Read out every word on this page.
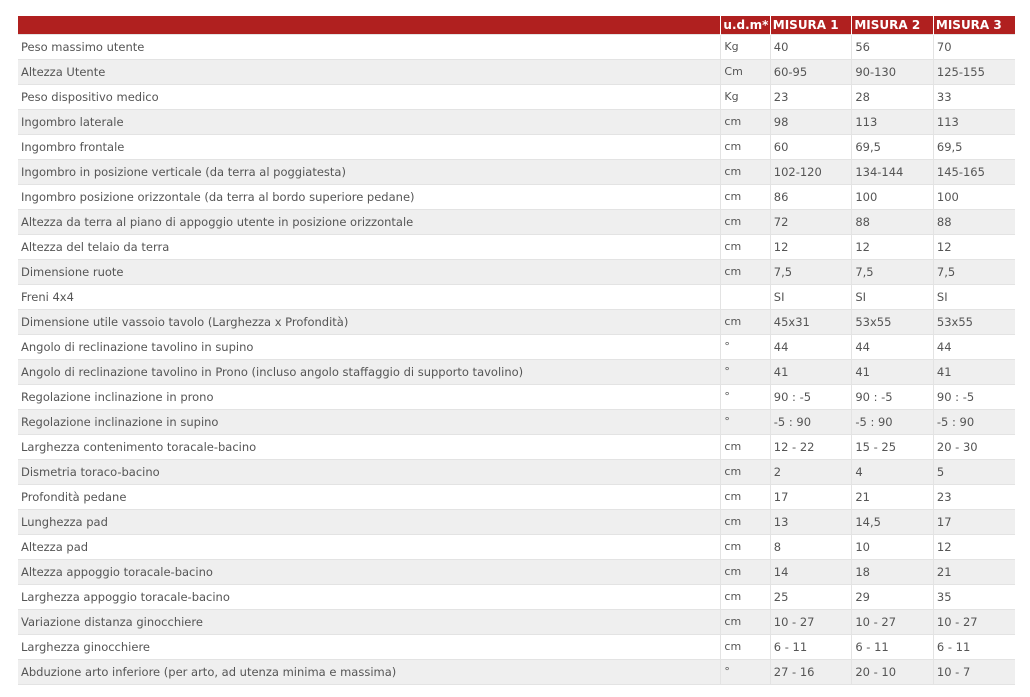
	u.d.m*	MISURA 1	MISURA 2	MISURA 3
Peso massimo utente	Kg	40	56	70
Altezza Utente	Cm	60-95	90-130	125-155
Peso dispositivo medico	Kg	23	28	33
Ingombro laterale	cm	98	113	113
Ingombro frontale	cm	60	69,5	69,5
Ingombro in posizione verticale (da terra al poggiatesta)	cm	102-120	134-144	145-165
Ingombro posizione orizzontale (da terra al bordo superiore pedane)	cm	86	100	100
Altezza da terra al piano di appoggio utente in posizione orizzontale	cm	72	88	88
Altezza del telaio da terra	cm	12	12	12
Dimensione ruote	cm	7,5	7,5	7,5
Freni 4x4		SI	SI	SI
Dimensione utile vassoio tavolo (Larghezza x Profondità)	cm	45x31	53x55	53x55
Angolo di reclinazione tavolino in supino	°	44	44	44
Angolo di reclinazione tavolino in Prono (incluso angolo staffaggio di supporto tavolino)	°	41	41	41
Regolazione inclinazione in prono	°	90 : -5	90 : -5	90 : -5
Regolazione inclinazione in supino	°	-5 : 90	-5 : 90	-5 : 90
Larghezza contenimento toracale-bacino	cm	12 - 22	15 - 25	20 - 30
Dismetria toraco-bacino	cm	2	4	5
Profondità pedane	cm	17	21	23
Lunghezza pad	cm	13	14,5	17
Altezza pad	cm	8	10	12
Altezza appoggio toracale-bacino	cm	14	18	21
Larghezza appoggio toracale-bacino	cm	25	29	35
Variazione distanza ginocchiere	cm	10 - 27	10 - 27	10 - 27
Larghezza ginocchiere	cm	6 - 11	6 - 11	6 - 11
Abduzione arto inferiore (per arto, ad utenza minima e massima)	°	27 - 16	20 - 10	10 - 7
